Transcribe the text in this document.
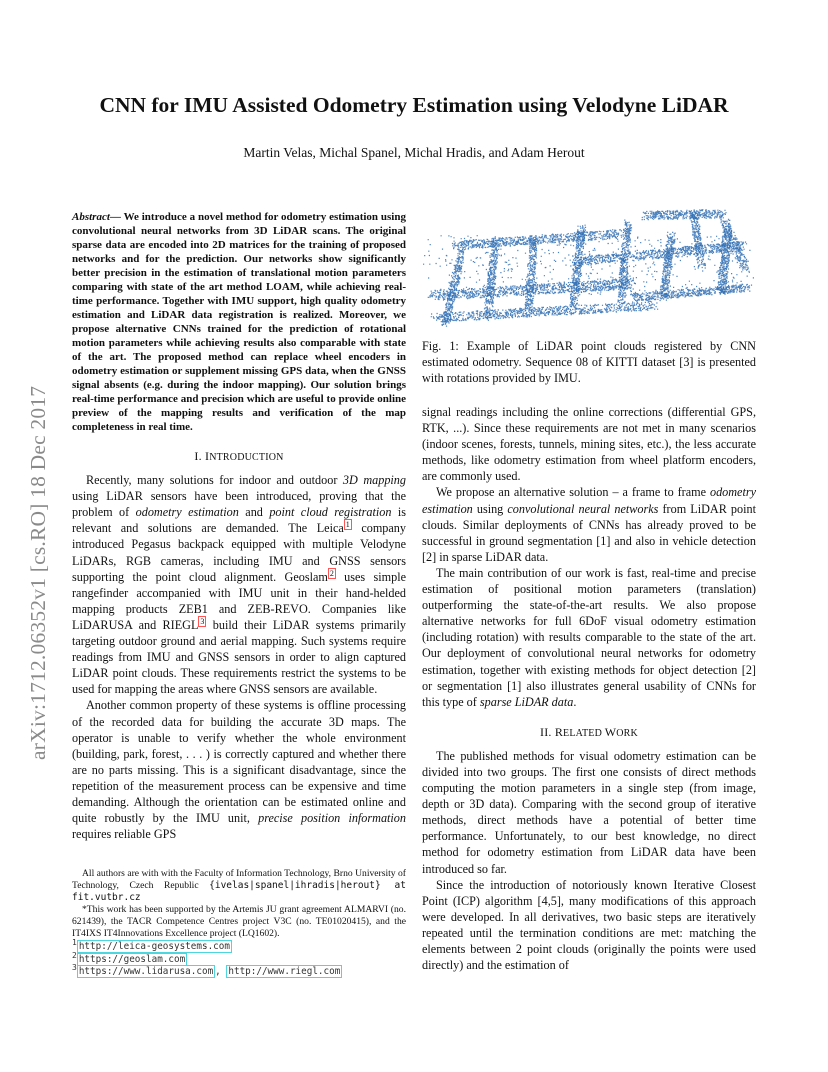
arXiv:1712.06352v1 [cs.RO] 18 Dec 2017
CNN for IMU Assisted Odometry Estimation using Velodyne LiDAR
Martin Velas, Michal Spanel, Michal Hradis, and Adam Herout
Abstract— We introduce a novel method for odometry estimation using convolutional neural networks from 3D LiDAR scans. The original sparse data are encoded into 2D matrices for the training of proposed networks and for the prediction. Our networks show significantly better precision in the estimation of translational motion parameters comparing with state of the art method LOAM, while achieving real-time performance. Together with IMU support, high quality odometry estimation and LiDAR data registration is realized. Moreover, we propose alternative CNNs trained for the prediction of rotational motion parameters while achieving results also comparable with state of the art. The proposed method can replace wheel encoders in odometry estimation or supplement missing GPS data, when the GNSS signal absents (e.g. during the indoor mapping). Our solution brings real-time performance and precision which are useful to provide online preview of the mapping results and verification of the map completeness in real time.
I. INTRODUCTION

Recently, many solutions for indoor and outdoor 3D mapping using LiDAR sensors have been introduced, proving that the problem of odometry estimation and point cloud registration is relevant and solutions are demanded. The Leica $^1$ company introduced Pegasus backpack equipped with multiple Velodyne LiDARs, RGB cameras, including IMU and GNSS sensors supporting the point cloud alignment. Geoslam $^2$ uses simple rangefinder accompanied with IMU unit in their hand-helded mapping products ZEB1 and ZEB-REVO. Companies like LiDARUSA and RIEGL $^3$ build their LiDAR systems primarily targeting outdoor ground and aerial mapping. Such systems require readings from IMU and GNSS sensors in order to align captured LiDAR point clouds. These requirements restrict the systems to be used for mapping the areas where GNSS sensors are available.

Another common property of these systems is offline processing of the recorded data for building the accurate 3D maps. The operator is unable to verify whether the whole environment (building, park, forest, . . . ) is correctly captured and whether there are no parts missing. This is a significant disadvantage, since the repetition of the measurement process can be expensive and time demanding. Although the orientation can be estimated online and quite robustly by the IMU unit, precise position information requires reliable GPS

All authors are with with the Faculty of Information Technology, Brno University of Technology, Czech Republic {ivelas|spanel|ihradis|herout} at fit.vutbr.cz

*This work has been supported by the Artemis JU grant agreement ALMARVI (no. 621439), the TACR Competence Centres project V3C (no. TE01020415), and the IT4IXS IT4Innovations Excellence project (LQ1602).

$^1$ http://leica-geosystems.com
$^2$ https://geoslam.com
$^3$ https://www.lidarusa.com , http://www.riegl.com
Fig. 1: Example of LiDAR point clouds registered by CNN estimated odometry. Sequence 08 of KITTI dataset [3] is presented with rotations provided by IMU.

signal readings including the online corrections (differential GPS, RTK, ...). Since these requirements are not met in many scenarios (indoor scenes, forests, tunnels, mining sites, etc.), the less accurate methods, like odometry estimation from wheel platform encoders, are commonly used.

We propose an alternative solution – a frame to frame odometry estimation using convolutional neural networks from LiDAR point clouds. Similar deployments of CNNs has already proved to be successful in ground segmentation [1] and also in vehicle detection [2] in sparse LiDAR data.

The main contribution of our work is fast, real-time and precise estimation of positional motion parameters (translation) outperforming the state-of-the-art results. We also propose alternative networks for full 6DoF visual odometry estimation (including rotation) with results comparable to the state of the art. Our deployment of convolutional neural networks for odometry estimation, together with existing methods for object detection [2] or segmentation [1] also illustrates general usability of CNNs for this type of sparse LiDAR data.

II. RELATED WORK

The published methods for visual odometry estimation can be divided into two groups. The first one consists of direct methods computing the motion parameters in a single step (from image, depth or 3D data). Comparing with the second group of iterative methods, direct methods have a potential of better time performance. Unfortunately, to our best knowledge, no direct method for odometry estimation from LiDAR data have been introduced so far.

Since the introduction of notoriously known Iterative Closest Point (ICP) algorithm [4,5], many modifications of this approach were developed. In all derivatives, two basic steps are iteratively repeated until the termination conditions are met: matching the elements between 2 point clouds (originally the points were used directly) and the estimation of
